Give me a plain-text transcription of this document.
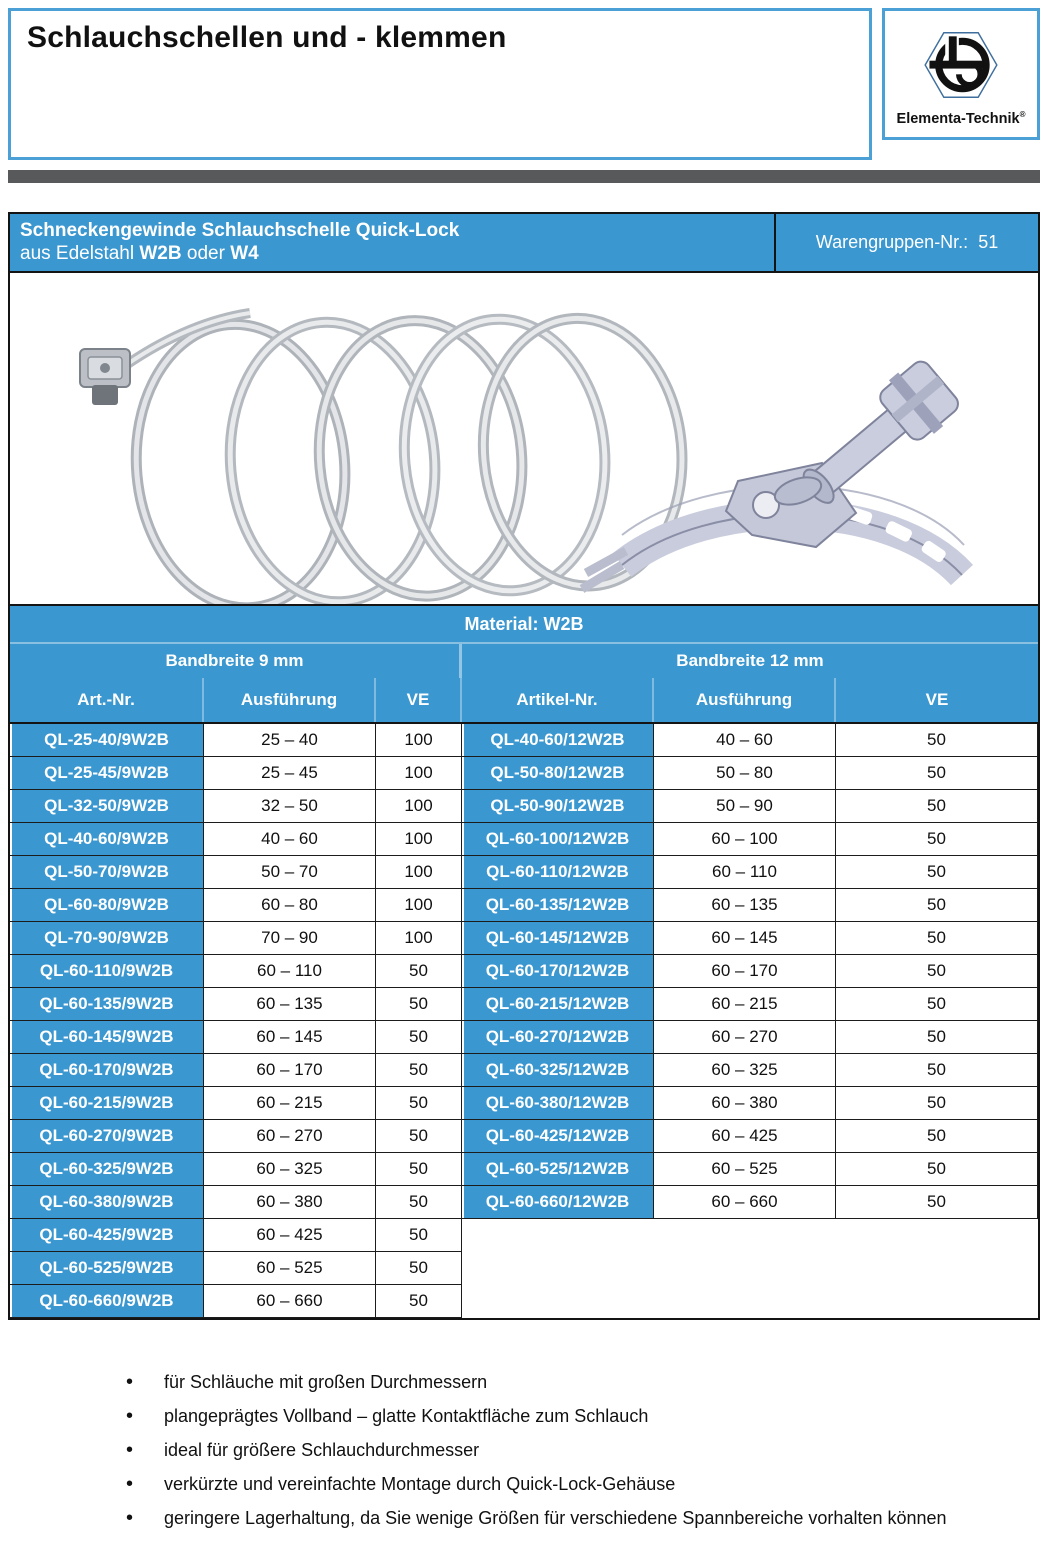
Schlauchschellen und - klemmen
Elementa-Technik®
Schneckengewinde Schlauchschelle Quick-Lock
aus Edelstahl W2B oder W4
Warengruppen-Nr.: 51
Material: W2B
Bandbreite 9 mm	Bandbreite 12 mm
Art.-Nr.	Ausführung	VE	Artikel-Nr.	Ausführung	VE
QL-25-40/9W2B	25 – 40	100	QL-40-60/12W2B	40 – 60	50
QL-25-45/9W2B	25 – 45	100	QL-50-80/12W2B	50 – 80	50
QL-32-50/9W2B	32 – 50	100	QL-50-90/12W2B	50 – 90	50
QL-40-60/9W2B	40 – 60	100	QL-60-100/12W2B	60 – 100	50
QL-50-70/9W2B	50 – 70	100	QL-60-110/12W2B	60 – 110	50
QL-60-80/9W2B	60 – 80	100	QL-60-135/12W2B	60 – 135	50
QL-70-90/9W2B	70 – 90	100	QL-60-145/12W2B	60 – 145	50
QL-60-110/9W2B	60 – 110	50	QL-60-170/12W2B	60 – 170	50
QL-60-135/9W2B	60 – 135	50	QL-60-215/12W2B	60 – 215	50
QL-60-145/9W2B	60 – 145	50	QL-60-270/12W2B	60 – 270	50
QL-60-170/9W2B	60 – 170	50	QL-60-325/12W2B	60 – 325	50
QL-60-215/9W2B	60 – 215	50	QL-60-380/12W2B	60 – 380	50
QL-60-270/9W2B	60 – 270	50	QL-60-425/12W2B	60 – 425	50
QL-60-325/9W2B	60 – 325	50	QL-60-525/12W2B	60 – 525	50
QL-60-380/9W2B	60 – 380	50	QL-60-660/12W2B	60 – 660	50
QL-60-425/9W2B	60 – 425	50
QL-60-525/9W2B	60 – 525	50
QL-60-660/9W2B	60 – 660	50
• für Schläuche mit großen Durchmessern
• plangeprägtes Vollband – glatte Kontaktfläche zum Schlauch
• ideal für größere Schlauchdurchmesser
• verkürzte und vereinfachte Montage durch Quick-Lock-Gehäuse
• geringere Lagerhaltung, da Sie wenige Größen für verschiedene Spannbereiche vorhalten können
